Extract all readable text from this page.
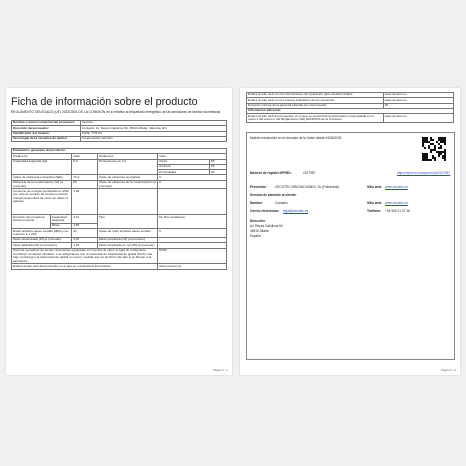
Ficha de información sobre el producto
REGLAMENTO DELEGADO (UE) 2023/2534 DE LA COMISIÓN en lo relativo al etiquetado energético de las secadoras de tambor domésticas
Nombre o marca comercial del proveedor:	Cecotec
Dirección del proveedor:	Contacto: Av. Reyes Católicos 60, 46910 Alfafar, Valencia, ES
Identificador del modelo:	LVRE_TTS711
Tecnología de la secadora de tambor	Condensador eléctrico
Parámetros generales del producto:					
Parámetro		Valor	Parámetro	Valor	
Capacidad asignada (kg)		6,0	Dimensiones en cm	Altura	85
				Anchura	59
				Profundidad	64
Índice de eficiencia energética (IEE)		74,4	Clase de eficiencia energética	C	
Eficiencia de la condensación [%] (a proceder)		83	Clase de eficiencia de la condensación (a proceder)	C	
Consumo de energía ponderado en kWh por ciclo de secado. El consumo real de energía dependerá de cómo se utilice el aparato.		1,90			
Duración del programa [horas:minutos]	Capacidad asignada	3:21	Tipo	De libre instalación	
	Mitad	1:56			
Ruido acústico aéreo emitido [dB(A) con respecto a 1 pW]		64	Clase de ruido acústico aéreo emitido	C	
Modo desactivado [W] (a proceder)		0,46	Modo preparado [W] (a proceder)	-	
Inicio aplazado [W] (a proceder)		1,25	Modo preparado en red [W] (a proceder)	-	
Para las secadoras de tambor domésticas equipadas con bomba de calor: la fuga de refrigerante contribuye al cambio climático. Los refrigerantes con un potencial de calentamiento global (PCA) más bajo contribuyen al calentamiento global en menor medida que los de PCA más alto si se liberan a la atmósfera.				R290	
Enlace al sitio web del proveedor en el que se encuentra la información				www.cecotec.es	
Página 1 / 2
Enlace al sitio web con las instrucciones de reparación para usuarios finales	www.cecotec.es
Enlace al sitio web con los precios indicativos de los repuestos	www.cecotec.es
Duración mínima de la garantía ofrecida por el proveedor	36
Información adicional:	
Enlace al sitio web del proveedor, en el que se encontrará la información contemplada en el punto 4 del anexo II del Reglamento (UE) 2023/2533 de la Comisión:	www.cecotec.es
Modelo introducido en el mercado de la Unión desde 04/06/2025
Número de registro EPREL:	2227957	https://eprel.ec.europa.eu/qr/2227957
Proveedor:	CECOTEC INNOVACIONES, SL (Fabricante)	Sitio web: www.cecotec.es
Servicio de atención al cliente:
Nombre:	Contacto	Sitio web: www.cecotec.es
Correo electrónico: legal@cecotec.es	Teléfono: +34 963 21 07 28
Dirección:
Av. Reyes Católicos 60
46910 Alfafar
España
Página 2 / 2
